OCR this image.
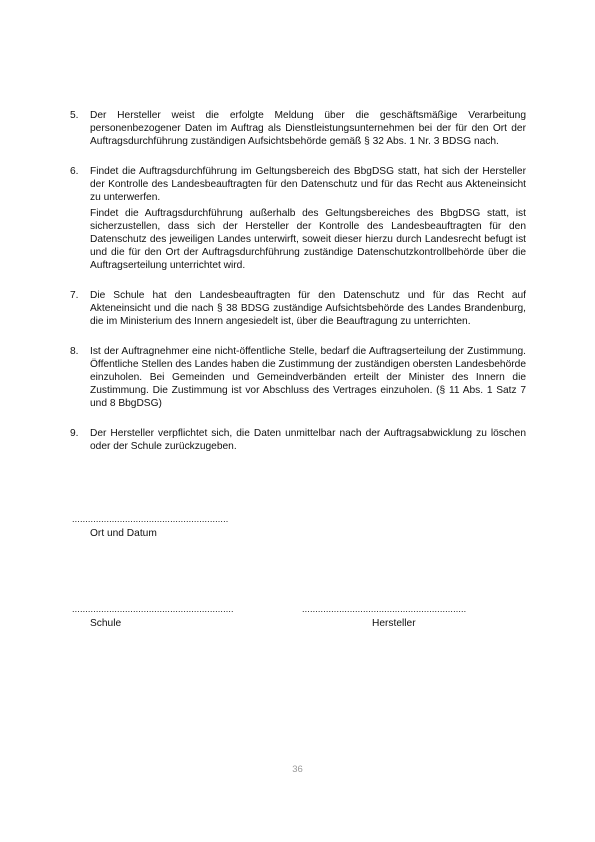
5.	Der Hersteller weist die erfolgte Meldung über die geschäftsmäßige Verarbeitung personenbezogener Daten im Auftrag als Dienstleistungsunternehmen bei der für den Ort der Auftragsdurchführung zuständigen Aufsichtsbehörde gemäß § 32 Abs. 1 Nr. 3 BDSG nach.
6.	Findet die Auftragsdurchführung im Geltungsbereich des BbgDSG statt, hat sich der Hersteller der Kontrolle des Landesbeauftragten für den Datenschutz und für das Recht aus Akteneinsicht zu unterwerfen.
Findet die Auftragsdurchführung außerhalb des Geltungsbereiches des BbgDSG statt, ist sicherzustellen, dass sich der Hersteller der Kontrolle des Landesbeauftragten für den Datenschutz des jeweiligen Landes unterwirft, soweit dieser hierzu durch Landesrecht befugt ist und die für den Ort der Auftragsdurchführung zuständige Datenschutzkontrollbehörde über die Auftragserteilung unterrichtet wird.
7.	Die Schule hat den Landesbeauftragten für den Datenschutz und für das Recht auf Akteneinsicht und die nach § 38 BDSG zuständige Aufsichtsbehörde des Landes Brandenburg, die im Ministerium des Innern angesiedelt ist, über die Beauftragung zu unterrichten.
8.	Ist der Auftragnehmer eine nicht-öffentliche Stelle, bedarf die Auftragserteilung der Zustimmung. Öffentliche Stellen des Landes haben die Zustimmung der zuständigen obersten Landesbehörde einzuholen. Bei Gemeinden und Gemeindverbänden erteilt der Minister des Innern die Zustimmung. Die Zustimmung ist vor Abschluss des Vertrages einzuholen. (§ 11 Abs. 1 Satz 7 und 8 BbgDSG)
9.	Der Hersteller verpflichtet sich, die Daten unmittelbar nach der Auftragsabwicklung zu löschen oder der Schule zurückzugeben.
...........................................................
Ort und Datum
.............................................................
Schule
..............................................................
Hersteller
36
